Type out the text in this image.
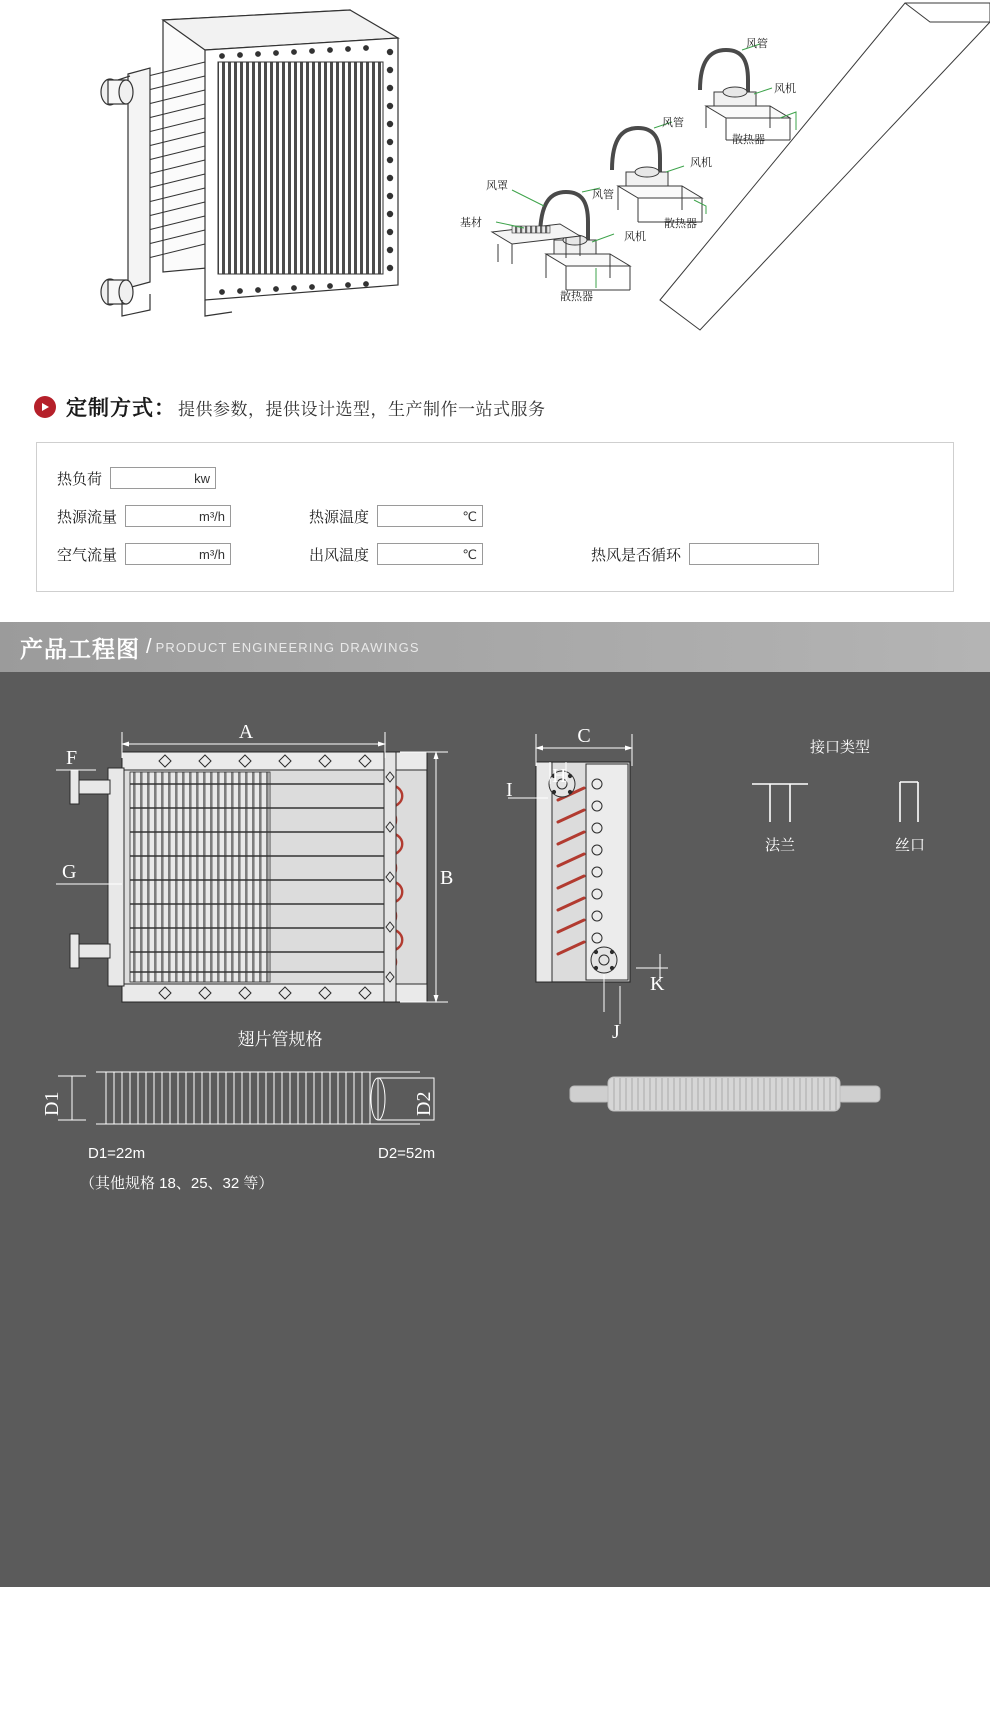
风管
风机
散热器
风管
风机
散热器
风罩
风管
风机
基材
散热器
定制方式： 提供参数，提供设计选型，生产制作一站式服务
热负荷	kw
热源流量	m³/h	热源温度	℃
空气流量	m³/h	出风温度	℃	热风是否循环
产品工程图 / PRODUCT ENGINEERING DRAWINGS
A
B
F
G
C
H
I
K
J
接口类型
法兰	丝口
翅片管规格
D1	D2
D1=22m	D2=52m
（其他规格 18、25、32 等）
